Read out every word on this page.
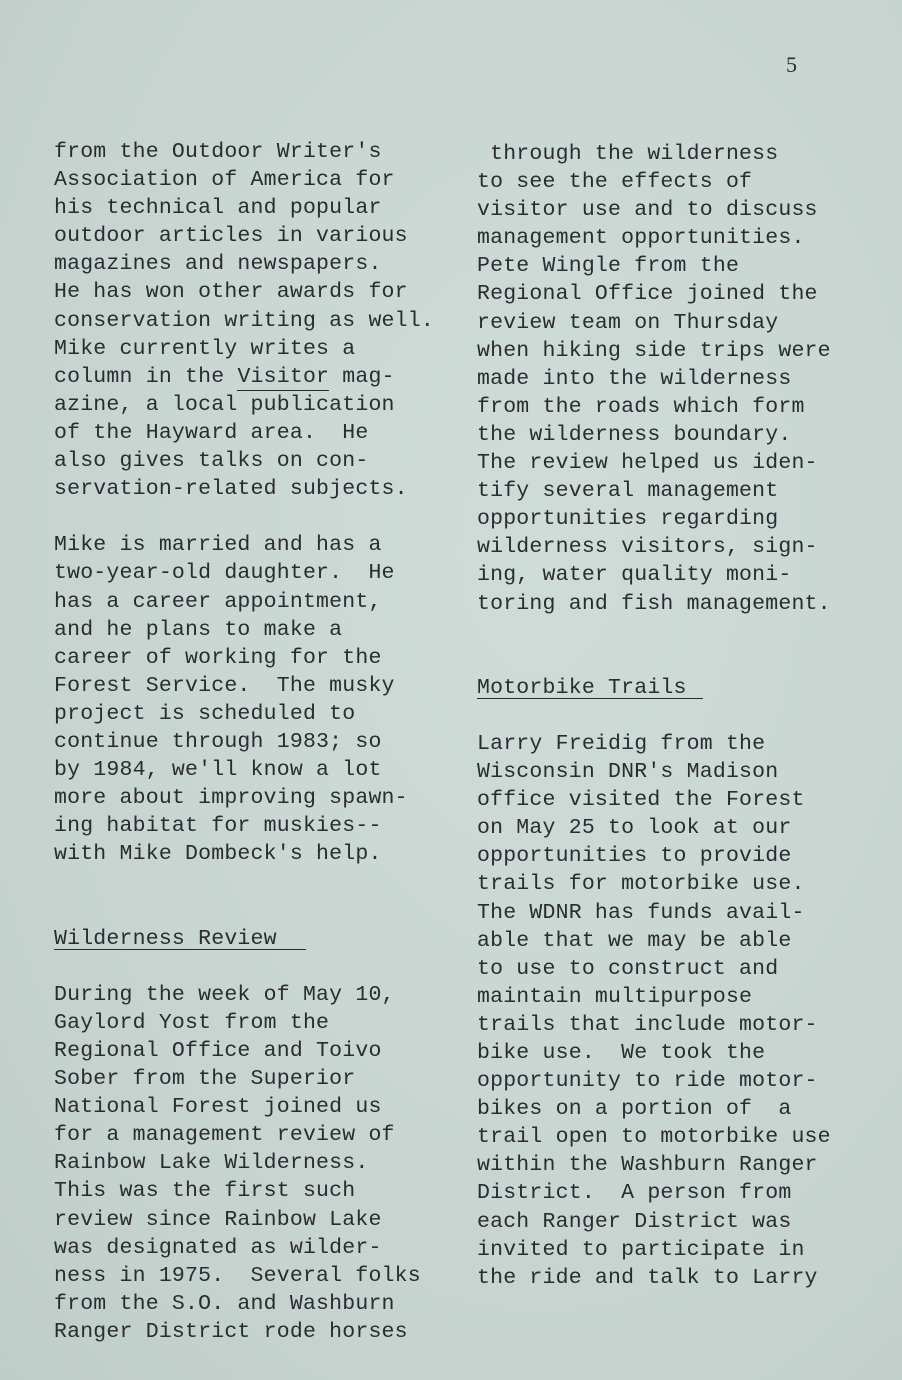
5
from the Outdoor Writer's
Association of America for
his technical and popular
outdoor articles in various
magazines and newspapers.
He has won other awards for
conservation writing as well.
Mike currently writes a
column in the Visitor mag-
azine, a local publication
of the Hayward area.  He
also gives talks on con-
servation-related subjects.
Mike is married and has a
two-year-old daughter.  He
has a career appointment,
and he plans to make a
career of working for the
Forest Service.  The musky
project is scheduled to
continue through 1983; so
by 1984, we'll know a lot
more about improving spawn-
ing habitat for muskies--
with Mike Dombeck's help.
Wilderness Review
During the week of May 10,
Gaylord Yost from the
Regional Office and Toivo
Sober from the Superior
National Forest joined us
for a management review of
Rainbow Lake Wilderness.
This was the first such
review since Rainbow Lake
was designated as wilder-
ness in 1975.  Several folks
from the S.O. and Washburn
Ranger District rode horses
through the wilderness
to see the effects of
visitor use and to discuss
management opportunities.
Pete Wingle from the
Regional Office joined the
review team on Thursday
when hiking side trips were
made into the wilderness
from the roads which form
the wilderness boundary.
The review helped us iden-
tify several management
opportunities regarding
wilderness visitors, sign-
ing, water quality moni-
toring and fish management.
Motorbike Trails
Larry Freidig from the
Wisconsin DNR's Madison
office visited the Forest
on May 25 to look at our
opportunities to provide
trails for motorbike use.
The WDNR has funds avail-
able that we may be able
to use to construct and
maintain multipurpose
trails that include motor-
bike use.  We took the
opportunity to ride motor-
bikes on a portion of  a
trail open to motorbike use
within the Washburn Ranger
District.  A person from
each Ranger District was
invited to participate in
the ride and talk to Larry
